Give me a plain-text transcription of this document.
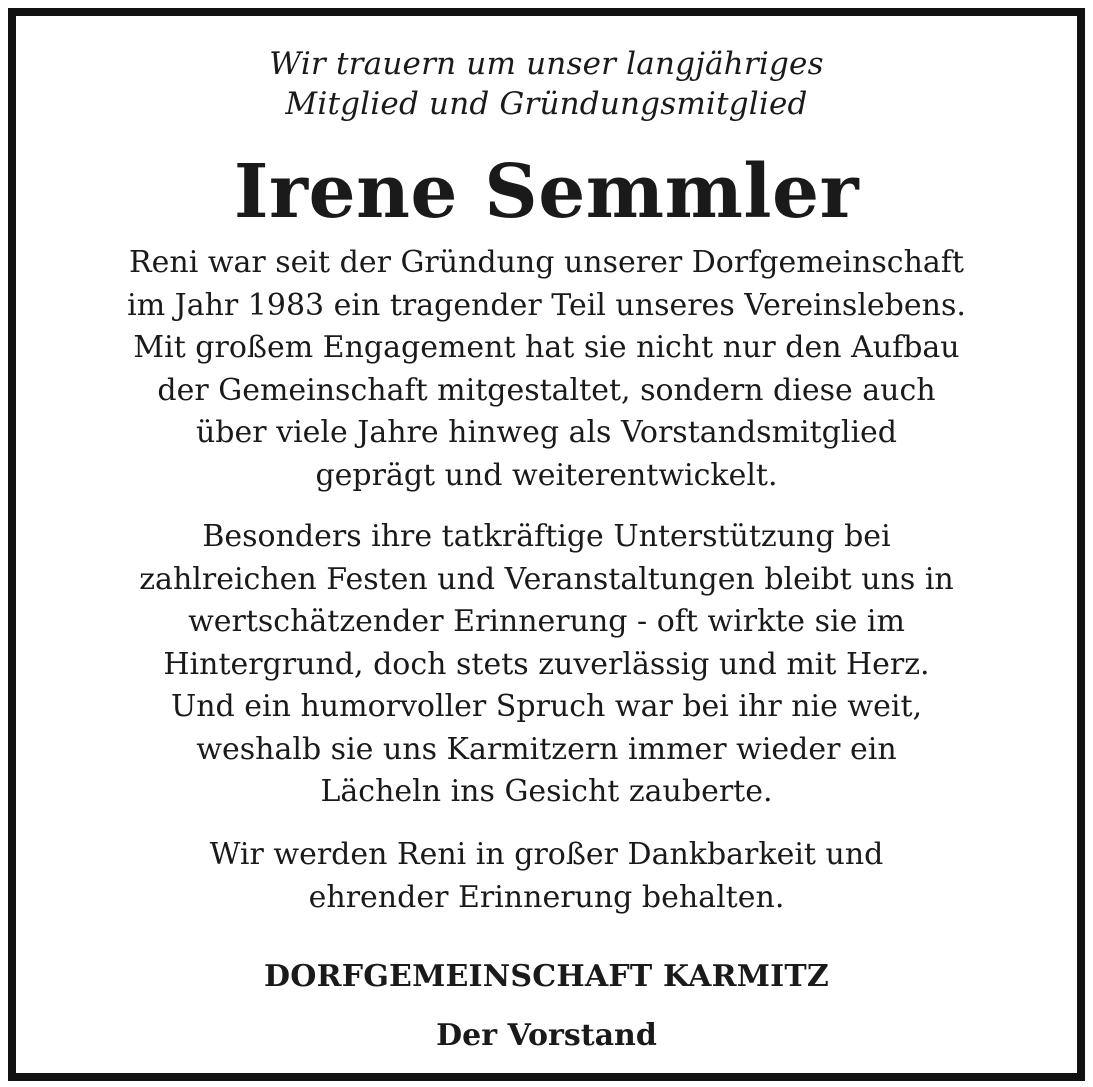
Wir trauern um unser langjähriges
Mitglied und Gründungsmitglied
Irene Semmler
Reni war seit der Gründung unserer Dorfgemeinschaft
im Jahr 1983 ein tragender Teil unseres Vereinslebens.
Mit großem Engagement hat sie nicht nur den Aufbau
der Gemeinschaft mitgestaltet, sondern diese auch
über viele Jahre hinweg als Vorstandsmitglied
geprägt und weiterentwickelt.
Besonders ihre tatkräftige Unterstützung bei
zahlreichen Festen und Veranstaltungen bleibt uns in
wertschätzender Erinnerung - oft wirkte sie im
Hintergrund, doch stets zuverlässig und mit Herz.
Und ein humorvoller Spruch war bei ihr nie weit,
weshalb sie uns Karmitzern immer wieder ein
Lächeln ins Gesicht zauberte.
Wir werden Reni in großer Dankbarkeit und
ehrender Erinnerung behalten.
DORFGEMEINSCHAFT KARMITZ
Der Vorstand
